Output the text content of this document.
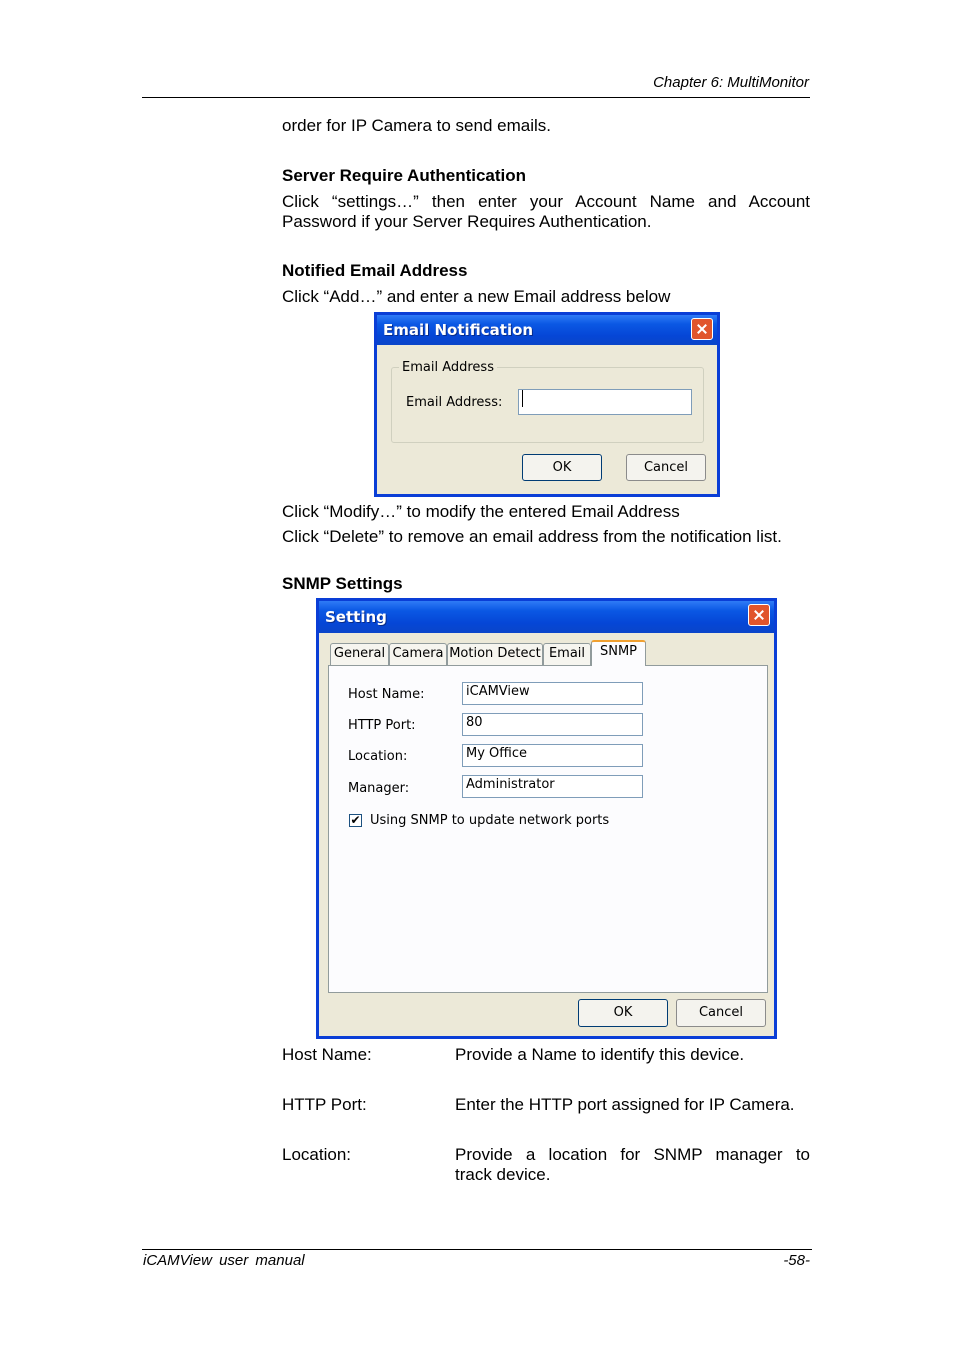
Chapter 6: MultiMonitor
order for IP Camera to send emails.
Server Require Authentication
Click “settings…” then enter your Account Name and Account
Password if your Server Requires Authentication.
Notified Email Address
Click “Add…” and enter a new Email address below
Email Notification
Email Address
Email Address:
OK	Cancel
Click “Modify…” to modify the entered Email Address
Click “Delete” to remove an email address from the notification list.
SNMP Settings
Setting
General Camera Motion Detect Email	SNMP
Host Name:	iCAMView
HTTP Port:	80
Location:	My Office
Manager:	Administrator
✔ Using SNMP to update network ports
OK	Cancel
Host Name:	Provide a Name to identify this device.
HTTP Port:	Enter the HTTP port assigned for IP Camera.
Location:	Provide a location for SNMP manager to
track device.
iCAMView user manual	-58-
